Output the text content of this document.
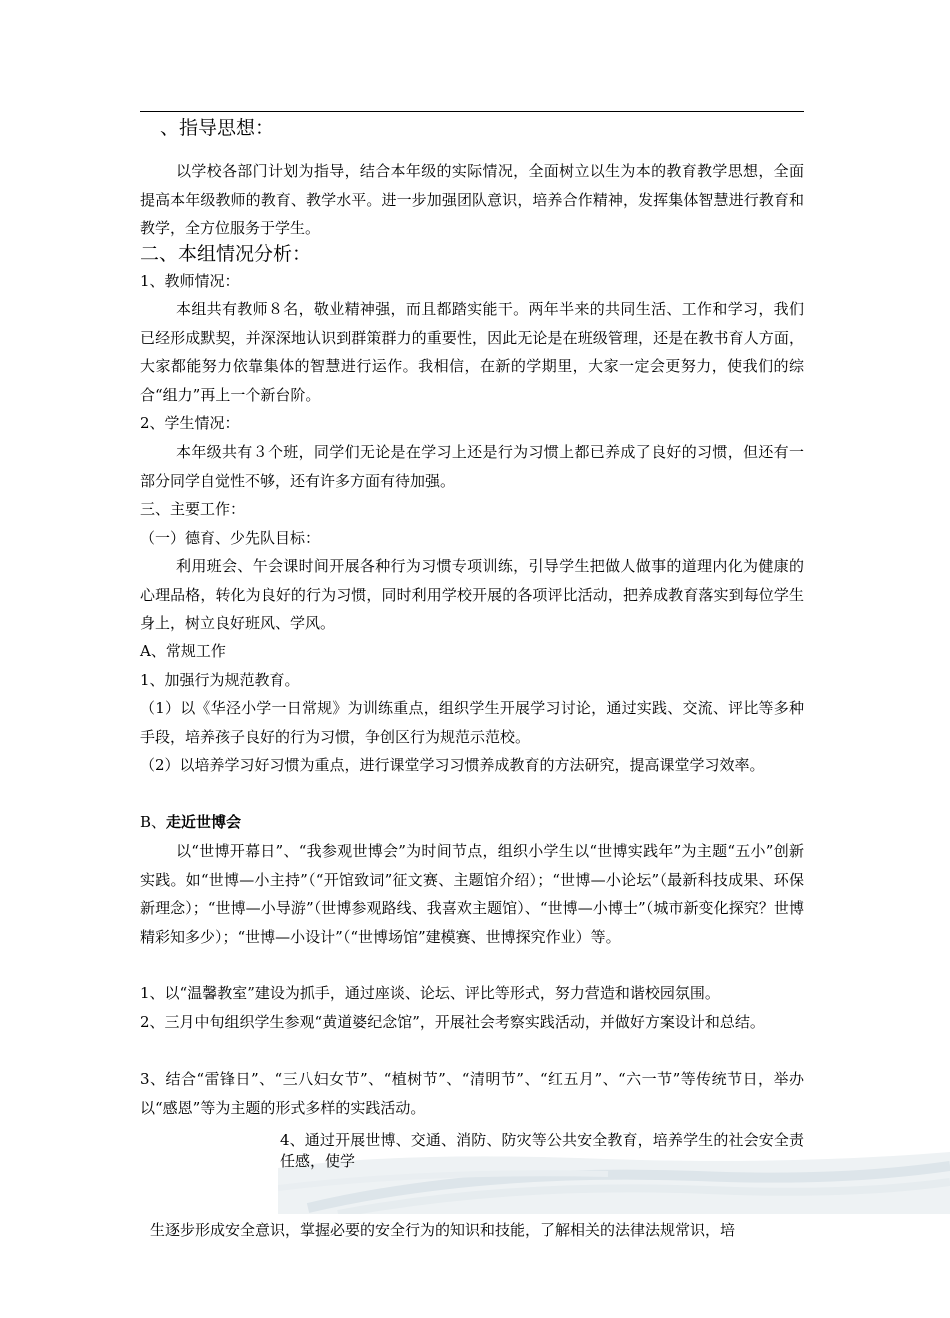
、指导思想：
以学校各部门计划为指导，结合本年级的实际情况，全面树立以生为本的教育教学思想，全面提高本年级教师的教育、教学水平。进一步加强团队意识，培养合作精神，发挥集体智慧进行教育和教学，全方位服务于学生。
二、本组情况分析：
1、教师情况：
本组共有教师８名，敬业精神强，而且都踏实能干。两年半来的共同生活、工作和学习，我们已经形成默契，并深深地认识到群策群力的重要性，因此无论是在班级管理，还是在教书育人方面，大家都能努力依靠集体的智慧进行运作。我相信，在新的学期里，大家一定会更努力，使我们的综合“组力”再上一个新台阶。
2、学生情况：
本年级共有３个班，同学们无论是在学习上还是行为习惯上都已养成了良好的习惯，但还有一部分同学自觉性不够，还有许多方面有待加强。
三、主要工作：
（一）德育、少先队目标：
利用班会、午会课时间开展各种行为习惯专项训练，引导学生把做人做事的道理内化为健康的心理品格，转化为良好的行为习惯，同时利用学校开展的各项评比活动，把养成教育落实到每位学生身上，树立良好班风、学风。
A、常规工作
1、加强行为规范教育。
（1）以《华泾小学一日常规》为训练重点，组织学生开展学习讨论，通过实践、交流、评比等多种手段，培养孩子良好的行为习惯，争创区行为规范示范校。
（2）以培养学习好习惯为重点，进行课堂学习习惯养成教育的方法研究，提高课堂学习效率。
B、走近世博会
以“世博开幕日”、“我参观世博会”为时间节点，组织小学生以“世博实践年”为主题“五小”创新实践。如“世博—小主持”（“开馆致词”征文赛、主题馆介绍）；“世博—小论坛”（最新科技成果、环保新理念）；“世博—小导游”（世博参观路线、我喜欢主题馆）、“世博—小博士”（城市新变化探究？世博精彩知多少）；“世博—小设计”（“世博场馆”建模赛、世博探究作业）等。
1、以“温馨教室”建设为抓手，通过座谈、论坛、评比等形式，努力营造和谐校园氛围。
2、三月中旬组织学生参观“黄道婆纪念馆”，开展社会考察实践活动，并做好方案设计和总结。
3、结合“雷锋日”、“三八妇女节”、“植树节”、“清明节”、“红五月”、“六一节”等传统节日，举办以“感恩”等为主题的形式多样的实践活动。
4、通过开展世博、交通、消防、防灾等公共安全教育，培养学生的社会安全责任感，使学
生逐步形成安全意识，掌握必要的安全行为的知识和技能，了解相关的法律法规常识，培
